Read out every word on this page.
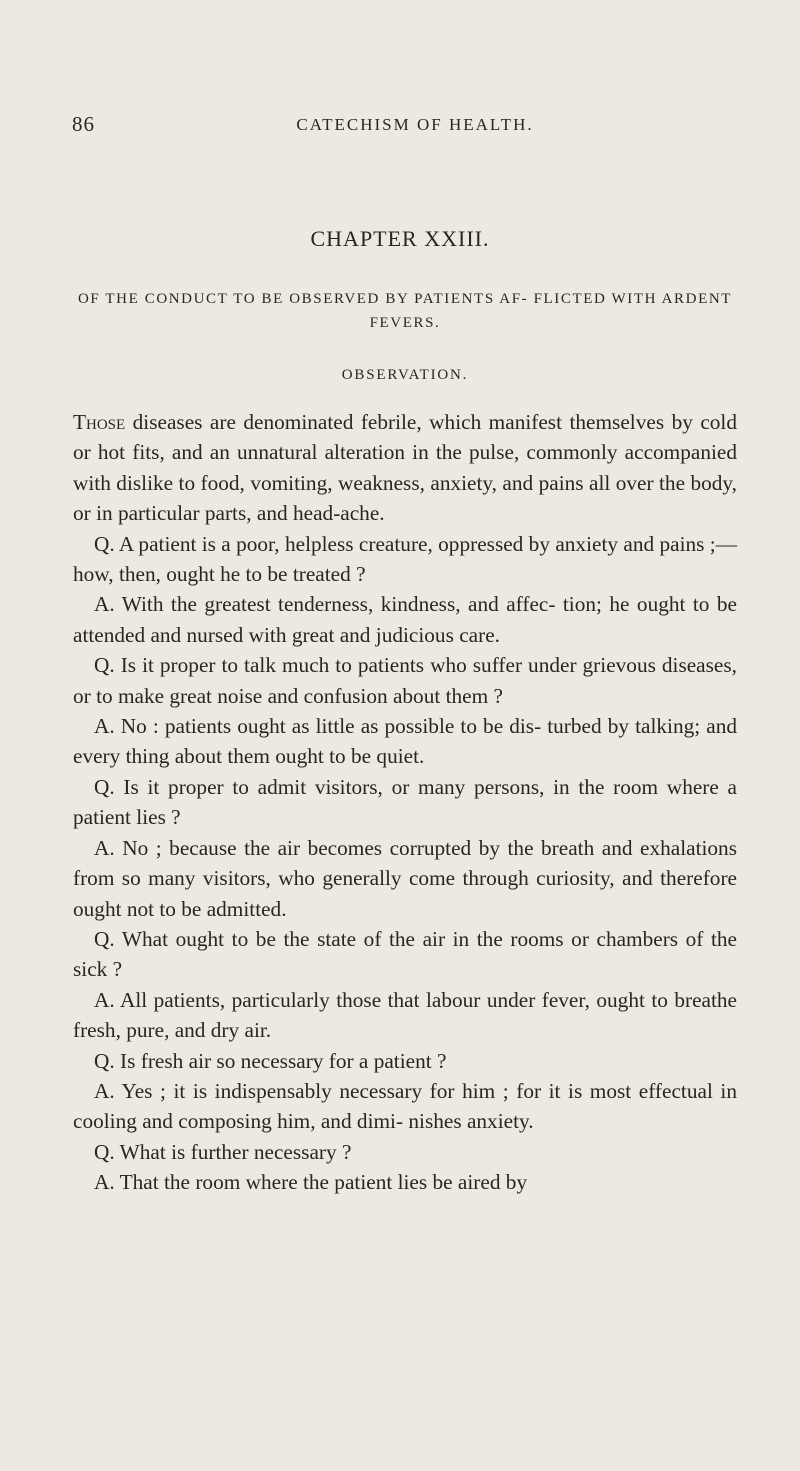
86	CATECHISM OF HEALTH.
CHAPTER XXIII.
OF THE CONDUCT TO BE OBSERVED BY PATIENTS AF- FLICTED WITH ARDENT FEVERS.
OBSERVATION.

Those diseases are denominated febrile, which manifest themselves by cold or hot fits, and an unnatural alteration in the pulse, commonly accompanied with dislike to food, vomiting, weakness, anxiety, and pains all over the body, or in particular parts, and head-ache.

Q. A patient is a poor, helpless creature, oppressed by anxiety and pains ;—how, then, ought he to be treated ?

A. With the greatest tenderness, kindness, and affec- tion; he ought to be attended and nursed with great and judicious care.

Q. Is it proper to talk much to patients who suffer under grievous diseases, or to make great noise and confusion about them ?

A. No : patients ought as little as possible to be dis- turbed by talking; and every thing about them ought to be quiet.

Q. Is it proper to admit visitors, or many persons, in the room where a patient lies ?

A. No ; because the air becomes corrupted by the breath and exhalations from so many visitors, who generally come through curiosity, and therefore ought not to be admitted.

Q. What ought to be the state of the air in the rooms or chambers of the sick ?

A. All patients, particularly those that labour under fever, ought to breathe fresh, pure, and dry air.

Q. Is fresh air so necessary for a patient ?

A. Yes ; it is indispensably necessary for him ; for it is most effectual in cooling and composing him, and dimi- nishes anxiety.

Q. What is further necessary ?

A. That the room where the patient lies be aired by
